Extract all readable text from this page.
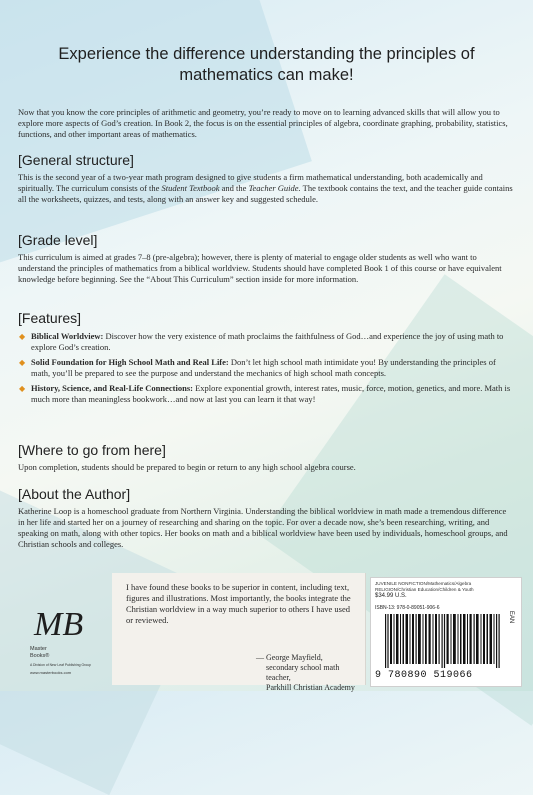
Experience the difference understanding the principles of mathematics can make!

Now that you know the core principles of arithmetic and geometry, you’re ready to move on to learning advanced skills that will allow you to explore more aspects of God’s creation. In Book 2, the focus is on the essential principles of algebra, coordinate graphing, probability, statistics, functions, and other important areas of mathematics.

[General structure]

This is the second year of a two-year math program designed to give students a firm mathematical understanding, both academically and spiritually. The curriculum consists of the Student Textbook and the Teacher Guide. The textbook contains the text, and the teacher guide contains all the worksheets, quizzes, and tests, along with an answer key and suggested schedule.

[Grade level]

This curriculum is aimed at grades 7–8 (pre-algebra); however, there is plenty of material to engage older students as well who want to understand the principles of mathematics from a biblical worldview. Students should have completed Book 1 of this course or have equivalent knowledge before beginning. See the “About This Curriculum” section inside for more information.

[Features]
◆ Biblical Worldview: Discover how the very existence of math proclaims the faithfulness of God…and experience the joy of using math to explore God’s creation.
◆ Solid Foundation for High School Math and Real Life: Don’t let high school math intimidate you! By understanding the principles of math, you’ll be prepared to see the purpose and understand the mechanics of high school math concepts.
◆ History, Science, and Real-Life Connections: Explore exponential growth, interest rates, music, force, motion, genetics, and more. Math is much more than meaningless bookwork…and now at last you can learn it that way!
[Where to go from here]

Upon completion, students should be prepared to begin or return to any high school algebra course.

[About the Author]

Katherine Loop is a homeschool graduate from Northern Virginia. Understanding the biblical worldview in math made a tremendous difference in her life and started her on a journey of researching and sharing on the topic. For over a decade now, she’s been researching, writing, and speaking on math, along with other topics. Her books on math and a biblical worldview have been used by individuals, homeschool groups, and Christian schools and colleges.

MB
Master
Books®
A Division of New Leaf Publishing Group
www.masterbooks.com

I have found these books to be superior in content, including text, figures and illustrations. Most importantly, the books integrate the Christian worldview in a way much superior to others I have used or reviewed.

— George Mayfield,
secondary school math teacher,
Parkhill Christian Academy
JUVENILE NONFICTION/Mathematics/Algebra RELIGION/Christian Education/Children & Youth
$34.99 U.S.
ISBN-13: 978-0-89051-906-6
EAN
9 780890 519066
